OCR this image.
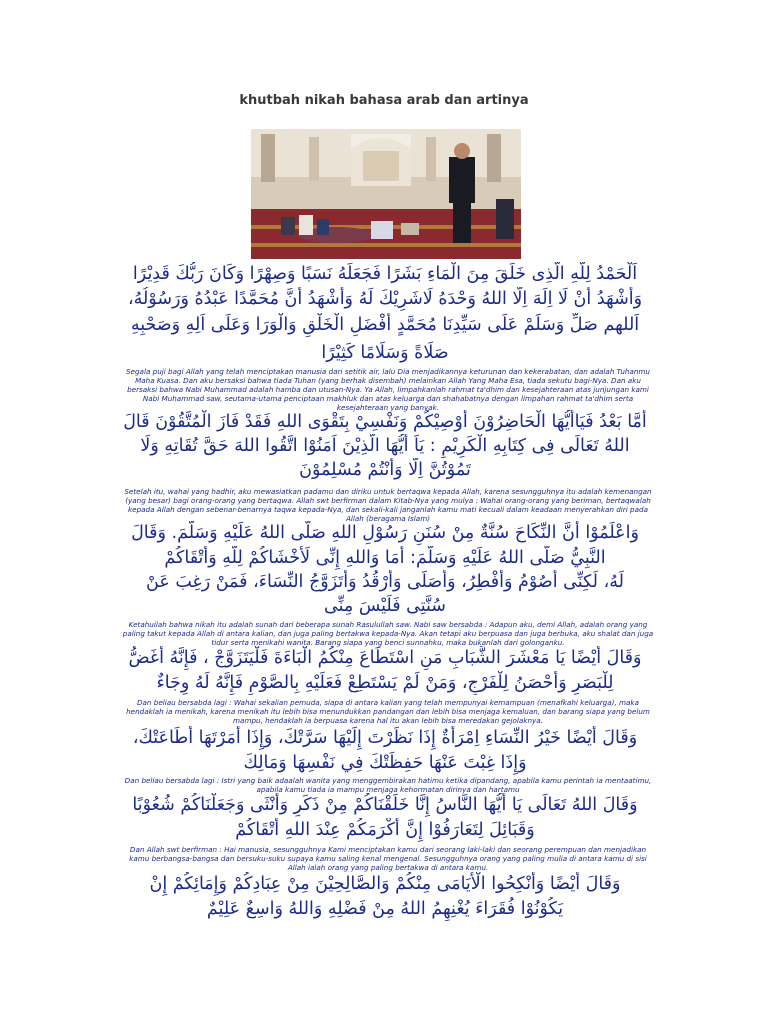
khutbah nikah bahasa arab dan artinya
اَلْحَمْدُ لِلَّهِ الَّذِى خَلَقَ مِنَ الْمَاءِ بَشَرًا فَجَعَلَهُ نَسَبًا وَصِهْرًا وَكَانَ رَبُّكَ قَدِيْرًا
وَأَشْهَدُ أَنْ لَا اِلَهَ اِلَّا اللهُ وَحْدَهُ لَاشَرِيْكَ لَهُ وَأَشْهَدُ أَنَّ مُحَمَّدًا عَبْدُهُ وَرَسُوْلُهُ،
اَللهم صَلِّ وَسَلِّمْ عَلَى سَيِّدِنَا مُحَمَّدٍ أَفْضَلِ الْخَلْقِ وَالْوَرَا وَعَلَى اَلِهِ وَصَحْبِهِ
صَلَاةً وَسَلَامًا كَثِيْرًا
Segala puji bagi Allah yang telah menciptakan manusia dari setitik air, lalu Dia menjadikannya keturunan dan kekerabatan, dan adalah Tuhanmu
Maha Kuasa. Dan aku bersaksi bahwa tiada Tuhan (yang berhak disembah) melainkan Allah Yang Maha Esa, tiada sekutu bagi-Nya. Dan aku
bersaksi bahwa Nabi Muhammad adalah hamba dan utusan-Nya. Ya Allah, limpahkanlah rahmat ta'dhim dan kesejahteraan atas junjungan kami
Nabi Muhammad saw, seutama-utama penciptaan makhluk dan atas keluarga dan shahabatnya dengan limpahan rahmat ta'dhim serta
kesejahteraan yang banyak.
أَمَّا بَعْدُ فَيَاأَيُّهَا الْحَاضِرُوْنَ أُوْصِيْكُمْ وَنَفْسِيْ بِتَقْوَى اللهِ فَقَدْ فَازَ الْمُتَّقُوْنَ قَالَ
اللهُ تَعَالَى فِى كِتَابِهِ الْكَرِيْمِ : يَاَ أَيُّهَا الَّذِيْنَ اَمَنُوْا اتَّقُوا اللهَ حَقَّ تُقَاتِهِ وَلَا
تَمُوْتُنَّ اِلَّا وَأَنْتُمْ مُسْلِمُوْنَ
Setelah itu, wahai yang hadhir, aku mewasiatkan padamu dan diriku untuk bertaqwa kepada Allah, karena sesungguhnya itu adalah kemenangan
(yang besar) bagi orang-orang yang bertaqwa. Allah swt berfirman dalam Kitab-Nya yang mulya : Wahai orang-orang yang beriman, bertaqwalah
kepada Allah dengan sebenar-benarnya taqwa kepada-Nya, dan sekali-kali janganlah kamu mati kecuali dalam keadaan menyerahkan diri pada
Allah (beragama Islam)
وَاعْلَمُوْا أَنَّ النِّكَاحَ سُنَّةٌ مِنْ سُنَنِ رَسُوْلِ اللهِ صَلَّى اللهُ عَلَيْهِ وَسَلَّمَ. وَقَالَ
النَّبِيُّ صَلَّى اللهُ عَلَيْهِ وَسَلَّمَ: أَمَا وَاللهِ إِنِّى لَأَخْشَاكُمْ لِلَّهِ وَأَتْقَاكُمْ
لَهُ، لَكِنِّى أَصُوْمُ وَأُفْطِرُ، وَأُصَلِّى وَأَرْقُدُ وَأَتَزَوَّجُ النِّسَاءَ، فَمَنْ رَغِبَ عَنْ
سُنَّتِى فَلَيْسَ مِنِّى
Ketahuilah bahwa nikah itu adalah sunah dari beberapa sunah Rasulullah saw. Nabi saw bersabda : Adapun aku, demi Allah, adalah orang yang
paling takut kepada Allah di antara kalian, dan juga paling bertakwa kepada-Nya. Akan tetapi aku berpuasa dan juga berbuka, aku shalat dan juga
tidur serta menikahi wanita. Barang siapa yang benci sunnahku, maka bukanlah dari golonganku.
وَقَالَ أَيْضًا يَا مَعْشَرَ الشَّبَابِ مَنِ اسْتَطَاعَ مِنْكُمُ الْبَاءَةَ فَلْيَتَزَوَّجْ ، فَإِنَّهُ أَغَضُّ
لِلْبَصَرِ وَأَحْصَنُ لِلْفَرْجِ، وَمَنْ لَمْ يَسْتَطِعْ فَعَلَيْهِ بِالصَّوْمِ فَإِنَّهُ لَهُ وِجَاءٌ
Dan beliau bersabda lagi : Wahai sekalian pemuda, siapa di antara kalian yang telah mempunyai kemampuan (menafkahi keluarga), maka
hendaklah ia menikah, karena menikah itu lebih bisa menundukkan pandangan dan lebih bisa menjaga kemaluan, dan barang siapa yang belum
mampu, hendaklah ia berpuasa karena hal itu akan lebih bisa meredakan gejolaknya.
وَقَالَ أَيْضًا خَيْرُ النِّسَاءِ اِمْرَأَةٌ إِذَا نَظَرْتَ إِلَيْهَا سَرَّتْكَ، وَإِذَا أَمَرْتَهَا أَطَاعَتْكَ،
وَإِذَا غِبْتَ عَنْهَا حَفِظَتْكَ فِي نَفْسِهَا وَمَالِكَ
Dan beliau bersabda lagi : Istri yang baik adaalah wanita yang menggembirakan hatimu ketika dipandang, apabila kamu perintah ia mentaatimu,
apabila kamu tiada ia mampu menjaga kehormatan dirinya dan hartamu
وَقَالَ اللهُ تَعَالَى يَا أَيُّهَا النَّاسُ إِنَّا خَلَقْنَاكُمْ مِنْ ذَكَرٍ وَأُنْثَى وَجَعَلْنَاكُمْ شُعُوْبًا
وَقَبَائِلَ لِتَعَارَفُوْا إِنَّ أَكْرَمَكُمْ عِنْدَ اللهِ أَتْقَاكُمْ
Dan Allah swt berfirman : Hai manusia, sesungguhnya Kami menciptakan kamu dari seorang laki-laki dan seorang perempuan dan menjadikan
kamu berbangsa-bangsa dan bersuku-suku supaya kamu saling kenal mengenal. Sesungguhnya orang yang paling mulia di antara kamu di sisi
Allah ialah orang yang paling bertakwa di antara kamu.
وَقَالَ أَيْضًا وَأَنْكِحُوا الْأَيَامَى مِنْكُمْ وَالصَّالِحِيْنَ مِنْ عِبَادِكُمْ وَإِمَائِكُمْ إِنْ
يَكُوْنُوْا فُقَرَاءَ يُغْنِهِمُ اللهُ مِنْ فَضْلِهِ وَاللهُ وَاسِعٌ عَلِيْمٌ
